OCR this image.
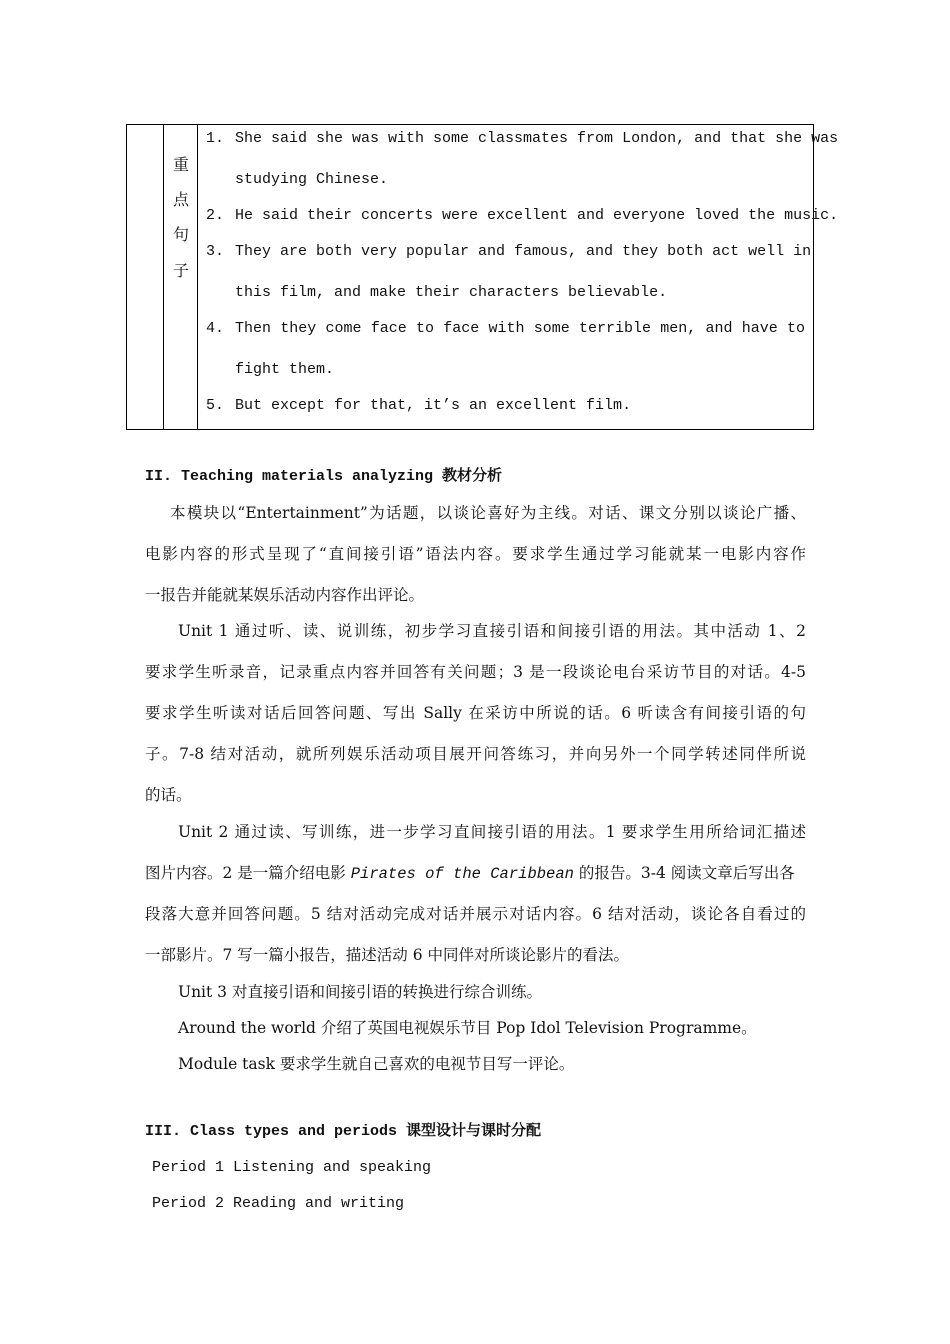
重
点
句
子
1. She said she was with some classmates from London, and that she was
studying Chinese.
2. He said their concerts were excellent and everyone loved the music.
3. They are both very popular and famous, and they both act well in
this film, and make their characters believable.
4. Then they come face to face with some terrible men, and have to
fight them.
5. But except for that, it’s an excellent film.
II. Teaching materials analyzing 教材分析
本模块以“Entertainment”为话题，以谈论喜好为主线。对话、课文分别以谈论广播、
电影内容的形式呈现了“直间接引语”语法内容。要求学生通过学习能就某一电影内容作
一报告并能就某娱乐活动内容作出评论。
Unit 1 通过听、读、说训练，初步学习直接引语和间接引语的用法。其中活动 1、2
要求学生听录音，记录重点内容并回答有关问题；3 是一段谈论电台采访节目的对话。4-5
要求学生听读对话后回答问题、写出 Sally 在采访中所说的话。6 听读含有间接引语的句
子。7-8 结对活动，就所列娱乐活动项目展开问答练习，并向另外一个同学转述同伴所说
的话。
Unit 2 通过读、写训练，进一步学习直间接引语的用法。1 要求学生用所给词汇描述
图片内容。2 是一篇介绍电影 Pirates of the Caribbean 的报告。3-4 阅读文章后写出各
段落大意并回答问题。5 结对活动完成对话并展示对话内容。6 结对活动，谈论各自看过的
一部影片。7 写一篇小报告，描述活动 6 中同伴对所谈论影片的看法。
Unit 3 对直接引语和间接引语的转换进行综合训练。
Around the world 介绍了英国电视娱乐节目 Pop Idol Television Programme。
Module task 要求学生就自己喜欢的电视节目写一评论。
III. Class types and periods 课型设计与课时分配
Period 1 Listening and speaking
Period 2 Reading and writing
